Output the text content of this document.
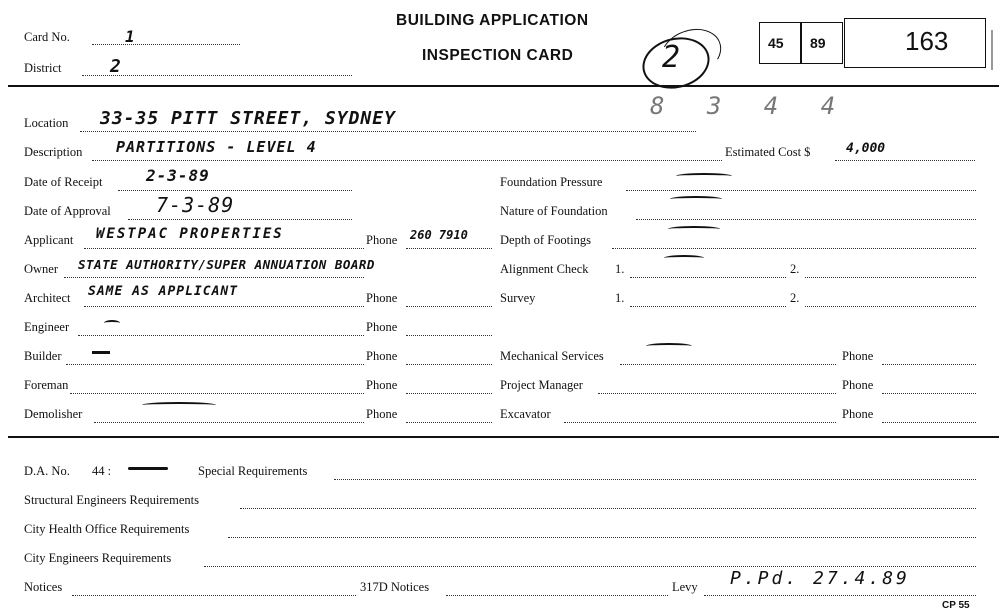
Card No.	1
District	2
BUILDING APPLICATION
INSPECTION CARD	2	45 89	163
8 3 4 4
Location 33-35 PITT STREET, SYDNEY
Description PARTITIONS - LEVEL 4	Estimated Cost $	4,000
Date of Receipt	2-3-89
Date of Approval 7-3-89
Applicant WESTPAC PROPERTIES	Phone 260 7910
Owner STATE AUTHORITY/SUPER ANNUATION BOARD
Architect SAME AS APPLICANT	Phone
Engineer	Phone
Builder	Phone
Foreman	Phone
Demolisher	Phone
Foundation Pressure
Nature of Foundation
Depth of Footings
Alignment Check 1.	2.
Survey	1.	2.
Mechanical Services	Phone
Project Manager	Phone
Excavator	Phone
D.A. No. 44 :	Special Requirements
Structural Engineers Requirements
City Health Office Requirements
City Engineers Requirements
Notices	317D Notices	Levy P.Pd. 27.4.89
CP 55
